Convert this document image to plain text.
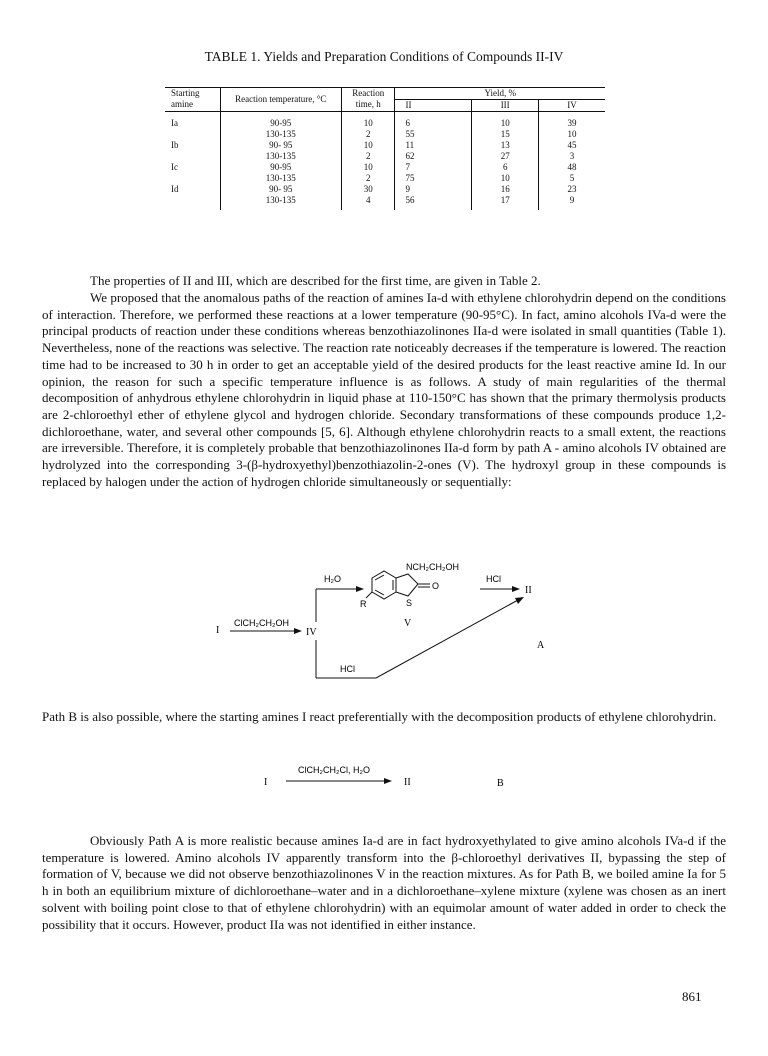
TABLE 1. Yields and Preparation Conditions of Compounds II-IV
Starting
amine	Reaction temperature, °C	Reaction
time, h	Yield, %		
			II	III	IV
Ia	90-95	10	6	10	39
	130-135	2	55	15	10
Ib	90- 95	10	11	13	45
	130-135	2	62	27	3
Ic	90-95	10	7	6	48
	130-135	2	75	10	5
Id	90- 95	30	9	16	23
	130-135	4	56	17	9
The properties of II and III, which are described for the first time, are given in Table 2.
We proposed that the anomalous paths of the reaction of amines Ia-d with ethylene chlorohydrin depend on the conditions of interaction. Therefore, we performed these reactions at a lower temperature (90-95°C). In fact, amino alcohols IVa-d were the principal products of reaction under these conditions whereas benzothiazolinones IIa-d were isolated in small quantities (Table 1). Nevertheless, none of the reactions was selective. The reaction rate noticeably decreases if the temperature is lowered. The reaction time had to be increased to 30 h in order to get an acceptable yield of the desired products for the least reactive amine Id. In our opinion, the reason for such a specific temperature influence is as follows. A study of main regularities of the thermal decomposition of anhydrous ethylene chlorohydrin in liquid phase at 110-150°C has shown that the primary thermolysis products are 2-chloroethyl ether of ethylene glycol and hydrogen chloride. Secondary transformations of these compounds produce 1,2-dichloroethane, water, and several other compounds [5, 6]. Although ethylene chlorohydrin reacts to a small extent, the reactions are irreversible. Therefore, it is completely probable that benzothiazolinones IIa-d form by path A - amino alcohols IV obtained are hydrolyzed into the corresponding 3-(β-hydroxyethyl)benzothiazolin-2-ones (V). The hydroxyl group in these compounds is replaced by halogen under the action of hydrogen chloride simultaneously or sequentially:
I
ClCH₂CH₂OH
IV
H₂O
R
NCH₂CH₂OH
O
S
V
HCl
II
HCl
A
Path B is also possible, where the starting amines I react preferentially with the decomposition products of ethylene chlorohydrin.
I
ClCH₂CH₂Cl, H₂O
II	B
Obviously Path A is more realistic because amines Ia-d are in fact hydroxyethylated to give amino alcohols IVa-d if the temperature is lowered. Amino alcohols IV apparently transform into the β-chloroethyl derivatives II, bypassing the step of formation of V, because we did not observe benzothiazolinones V in the reaction mixtures. As for Path B, we boiled amine Ia for 5 h in both an equilibrium mixture of dichloroethane–water and in a dichloroethane–xylene mixture (xylene was chosen as an inert solvent with boiling point close to that of ethylene chlorohydrin) with an equimolar amount of water added in order to check the possibility that it occurs. However, product IIa was not identified in either instance.
861
